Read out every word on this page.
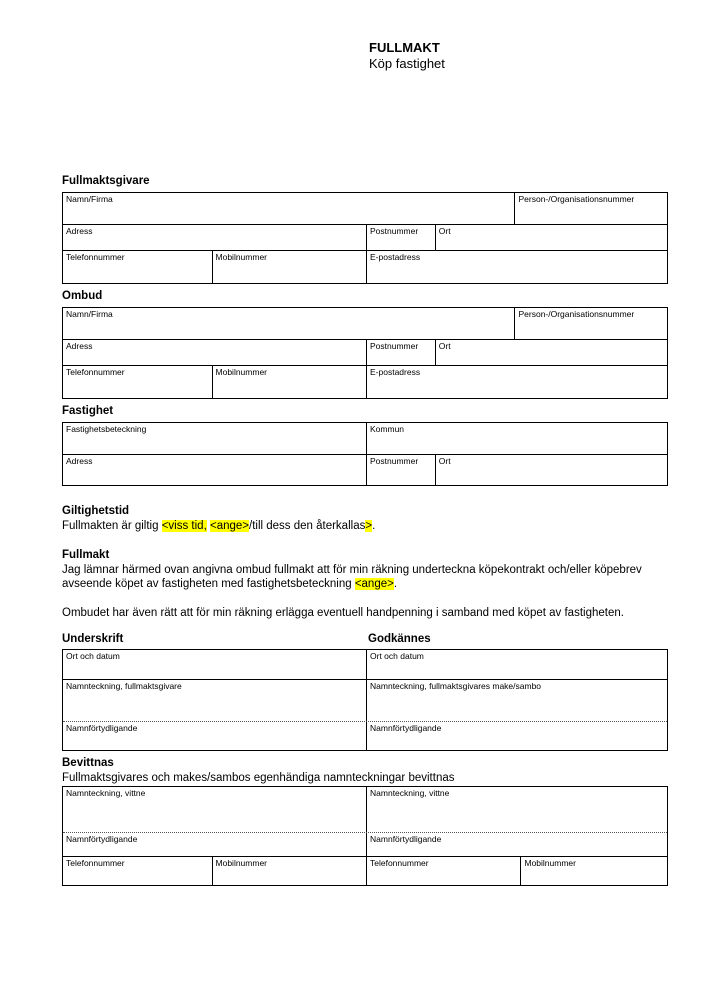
FULLMAKT
Köp fastighet
Fullmaktsgivare
Namn/Firma	Person-/Organisationsnummer
Adress	Postnummer	Ort
Telefonnummer	Mobilnummer	E-postadress
Ombud
Namn/Firma	Person-/Organisationsnummer
Adress	Postnummer	Ort
Telefonnummer	Mobilnummer	E-postadress
Fastighet
Fastighetsbeteckning	Kommun
Adress	Postnummer	Ort
Giltighetstid
Fullmakten är giltig <viss tid, <ange>/till dess den återkallas>.
Fullmakt
Jag lämnar härmed ovan angivna ombud fullmakt att för min räkning underteckna köpekontrakt och/eller köpebrev avseende köpet av fastigheten med fastighetsbeteckning <ange>.
Ombudet har även rätt att för min räkning erlägga eventuell handpenning i samband med köpet av fastigheten.
Underskrift	Godkännes
Ort och datum	Ort och datum
Namnteckning, fullmaktsgivare	Namnteckning, fullmaktsgivares make/sambo
Namnförtydligande	Namnförtydligande
Bevittnas
Fullmaktsgivares och makes/sambos egenhändiga namnteckningar bevittnas
Namnteckning, vittne	Namnteckning, vittne
Namnförtydligande	Namnförtydligande
Telefonnummer	Mobilnummer	Telefonnummer	Mobilnummer
